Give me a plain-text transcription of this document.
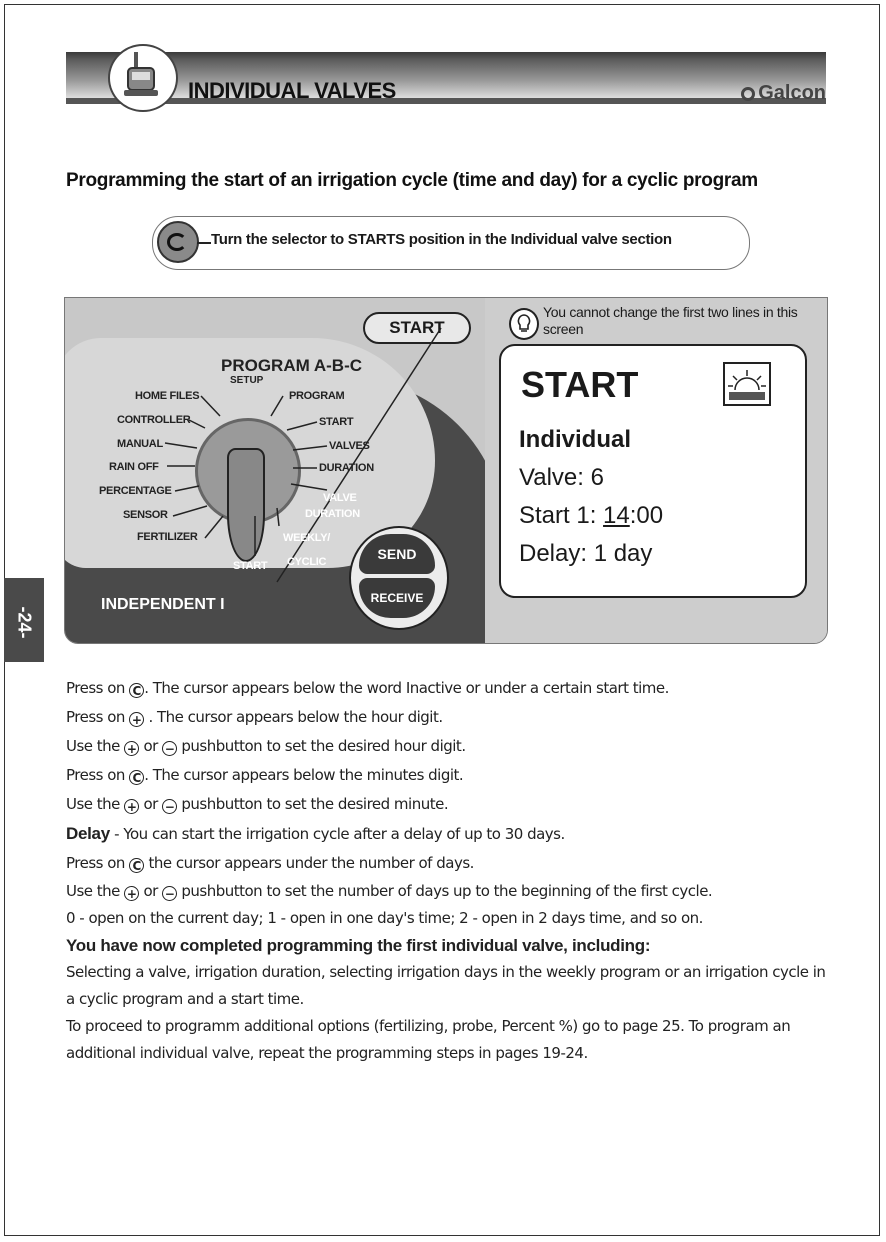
INDIVIDUAL VALVES	Galcon
Programming the start of an irrigation cycle (time and day) for a cyclic program
Turn the selector to STARTS position in the Individual valve section
START
PROGRAM A-B-C
SETUP
HOME FILES
CONTROLLER
MANUAL
RAIN OFF
PERCENTAGE
SENSOR
FERTILIZER
PROGRAM
START
VALVES
DURATION
VALVE
DURATION
WEEKLY/
CYCLIC
START
INDEPENDENT I
SEND
RECEIVE
You cannot change the first two lines in this screen
START
Individual
Valve: 6
Start 1: 14:00
Delay: 1 day
-24-

Press on C . The cursor appears below the word Inactive or under a certain start time.

Press on + . The cursor appears below the hour digit.

Use the + or − pushbutton to set the desired hour digit.

Press on C . The cursor appears below the minutes digit.

Use the + or − pushbutton to set the desired minute.

Delay - You can start the irrigation cycle after a delay of up to 30 days.

Press on C the cursor appears under the number of days.

Use the + or − pushbutton to set the number of days up to the beginning of the first cycle.

0 - open on the current day; 1 - open in one day's time; 2 - open in 2 days time, and so on.

You have now completed programming the first individual valve, including:

Selecting a valve, irrigation duration, selecting irrigation days in the weekly program or an irrigation cycle in a cyclic program and a start time.

To proceed to programm additional options (fertilizing, probe, Percent %) go to page 25. To program an additional individual valve, repeat the programming steps in pages 19-24.
